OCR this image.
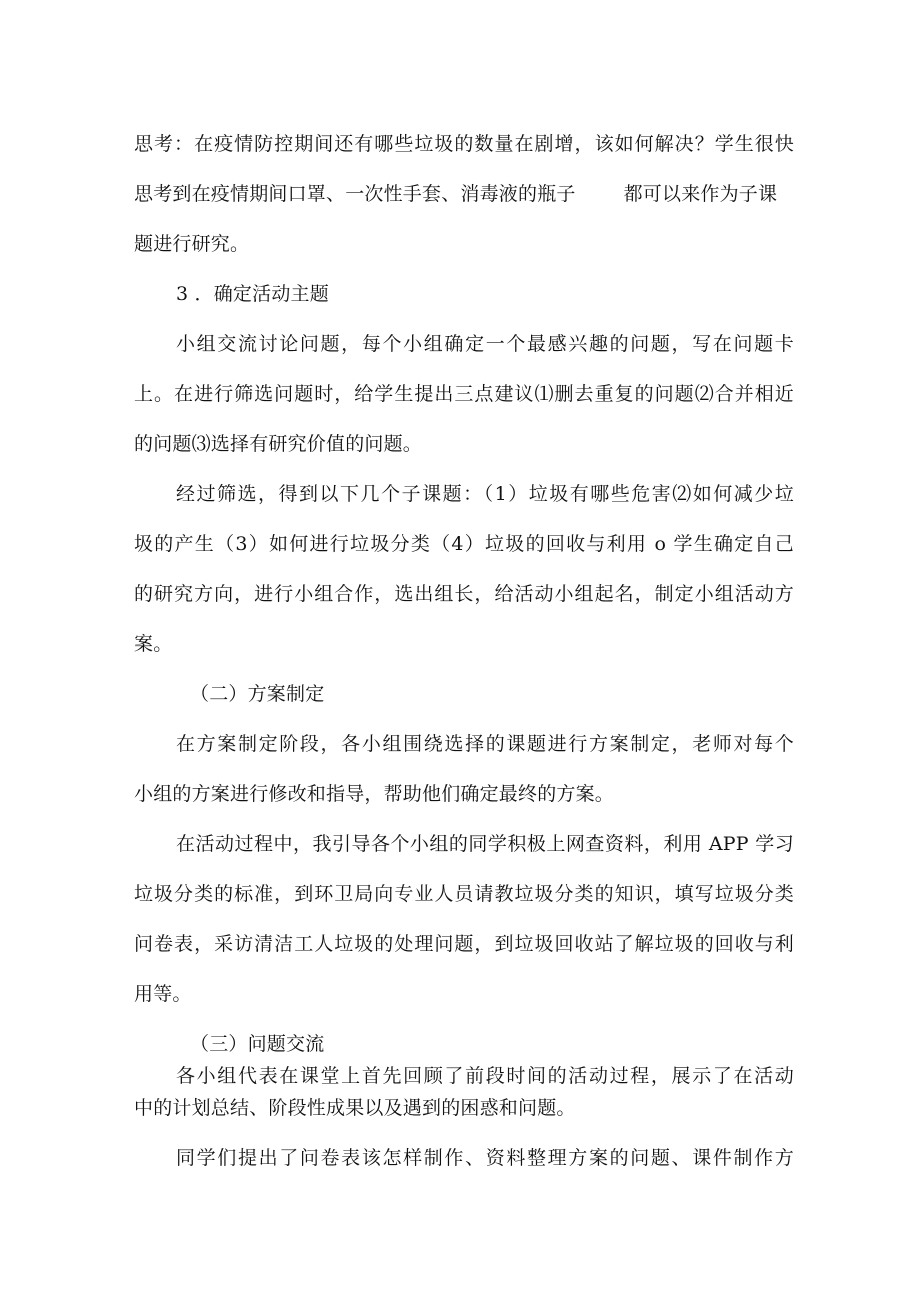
思考：在疫情防控期间还有哪些垃圾的数量在剧增，该如何解决？学生很快
思考到在疫情期间口罩、一次性手套、消毒液的瓶子	都可以来作为子课
题进行研究。
3 ．确定活动主题
小组交流讨论问题，每个小组确定一个最感兴趣的问题，写在问题卡
上。在进行筛选问题时，给学生提出三点建议⑴删去重复的问题⑵合并相近
的问题⑶选择有研究价值的问题。
经过筛选，得到以下几个子课题：（1）垃圾有哪些危害⑵如何减少垃
圾的产生（3）如何进行垃圾分类（4）垃圾的回收与利用 o 学生确定自己
的研究方向，进行小组合作，选出组长，给活动小组起名，制定小组活动方
案。
（二）方案制定
在方案制定阶段，各小组围绕选择的课题进行方案制定，老师对每个
小组的方案进行修改和指导，帮助他们确定最终的方案。
在活动过程中，我引导各个小组的同学积极上网查资料，利用 APP 学习
垃圾分类的标准，到环卫局向专业人员请教垃圾分类的知识，填写垃圾分类
问卷表，采访清洁工人垃圾的处理问题，到垃圾回收站了解垃圾的回收与利
用等。
（三）问题交流
各小组代表在课堂上首先回顾了前段时间的活动过程，展示了在活动
中的计划总结、阶段性成果以及遇到的困惑和问题。
同学们提出了问卷表该怎样制作、资料整理方案的问题、课件制作方
